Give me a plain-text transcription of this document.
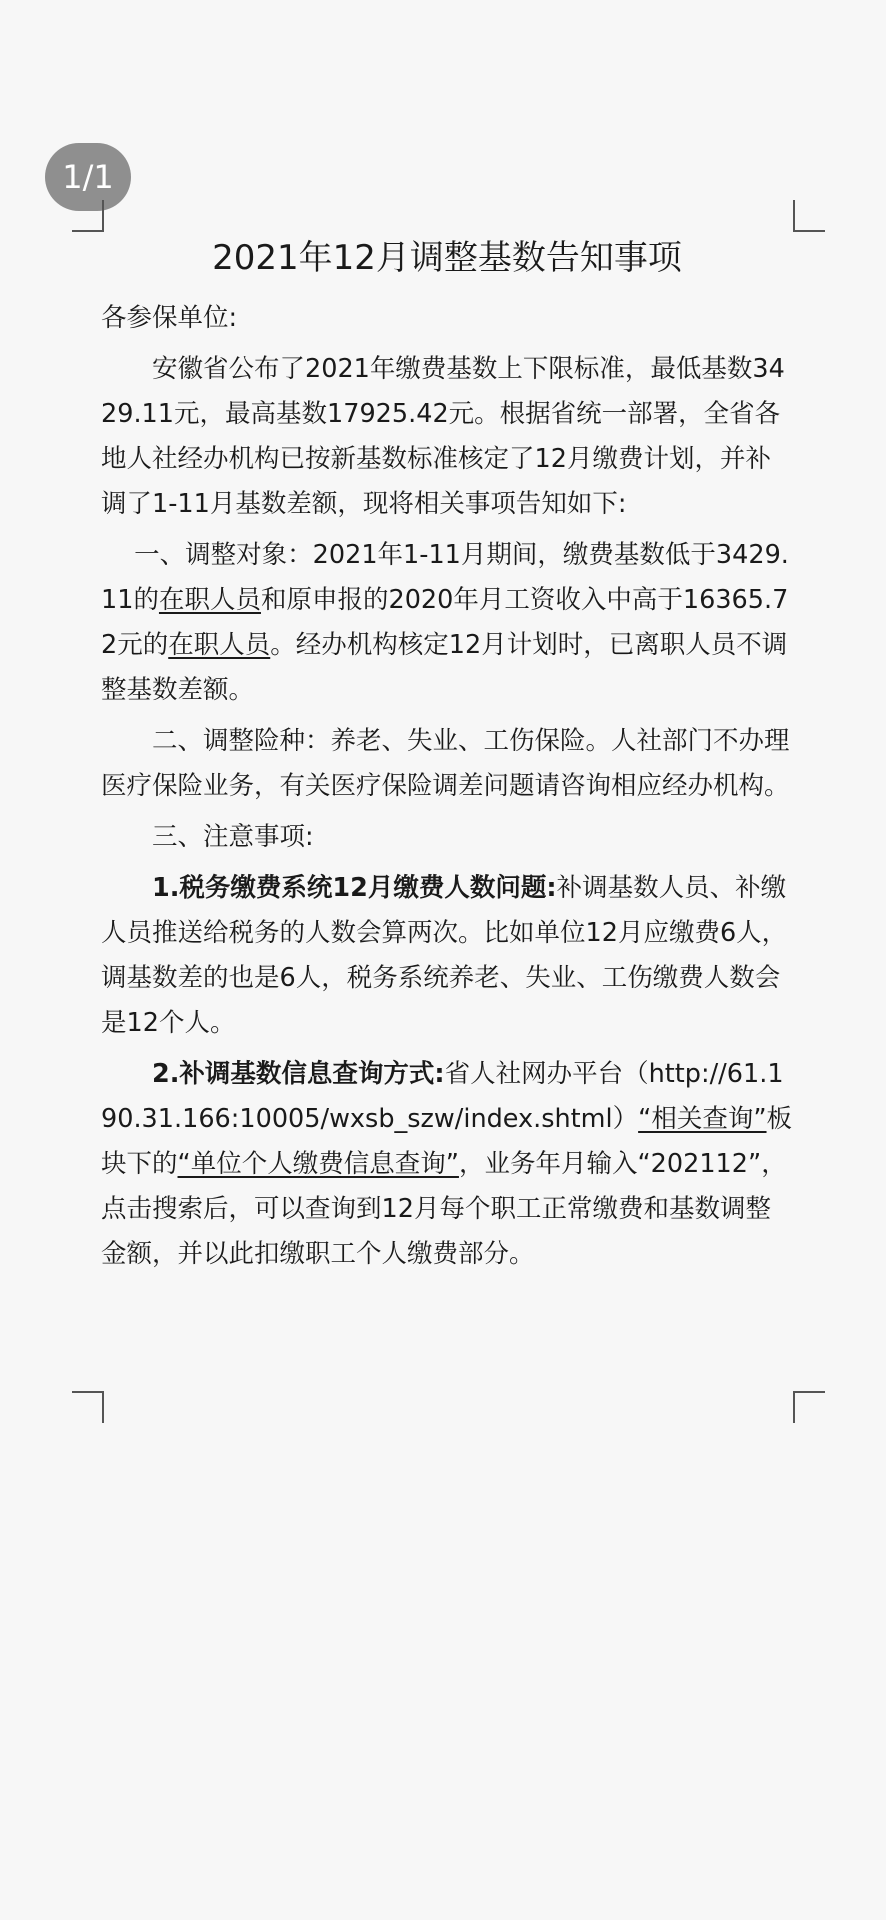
1/1
2021年12月调整基数告知事项
各参保单位:
安徽省公布了2021年缴费基数上下限标准，最低基数3429.11元，最高基数17925.42元。根据省统一部署，全省各地人社经办机构已按新基数标准核定了12月缴费计划，并补调了1-11月基数差额，现将相关事项告知如下:
一、调整对象：2021年1-11月期间，缴费基数低于3429.11的在职人员和原申报的2020年月工资收入中高于16365.72元的在职人员。经办机构核定12月计划时，已离职人员不调整基数差额。
二、调整险种：养老、失业、工伤保险。人社部门不办理医疗保险业务，有关医疗保险调差问题请咨询相应经办机构。
三、注意事项:
1.税务缴费系统12月缴费人数问题:补调基数人员、补缴人员推送给税务的人数会算两次。比如单位12月应缴费6人，调基数差的也是6人，税务系统养老、失业、工伤缴费人数会是12个人。
2.补调基数信息查询方式:省人社网办平台（http://61.190.31.166:10005/wxsb_szw/index.shtml）“相关查询”板块下的“单位个人缴费信息查询”，业务年月输入“202112”，点击搜索后，可以查询到12月每个职工正常缴费和基数调整金额，并以此扣缴职工个人缴费部分。
